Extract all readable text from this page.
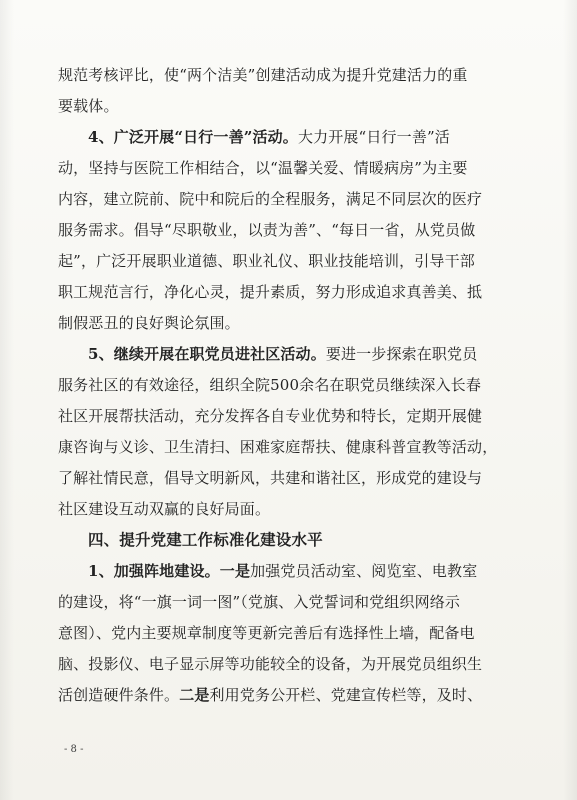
规范考核评比，使“两个洁美”创建活动成为提升党建活力的重
要载体。
4、广泛开展“日行一善”活动。大力开展“日行一善”活
动，坚持与医院工作相结合，以“温馨关爱、情暖病房”为主要
内容，建立院前、院中和院后的全程服务，满足不同层次的医疗
服务需求。倡导“尽职敬业，以责为善”、“每日一省，从党员做
起”，广泛开展职业道德、职业礼仪、职业技能培训，引导干部
职工规范言行，净化心灵，提升素质，努力形成追求真善美、抵
制假恶丑的良好舆论氛围。
5、继续开展在职党员进社区活动。要进一步探索在职党员
服务社区的有效途径，组织全院500余名在职党员继续深入长春
社区开展帮扶活动，充分发挥各自专业优势和特长，定期开展健
康咨询与义诊、卫生清扫、困难家庭帮扶、健康科普宣教等活动，
了解社情民意，倡导文明新风，共建和谐社区，形成党的建设与
社区建设互动双赢的良好局面。
四、提升党建工作标准化建设水平
1、加强阵地建设。一是加强党员活动室、阅览室、电教室
的建设，将“一旗一词一图”（党旗、入党誓词和党组织网络示
意图）、党内主要规章制度等更新完善后有选择性上墙，配备电
脑、投影仪、电子显示屏等功能较全的设备，为开展党员组织生
活创造硬件条件。二是利用党务公开栏、党建宣传栏等，及时、
- 8 -
